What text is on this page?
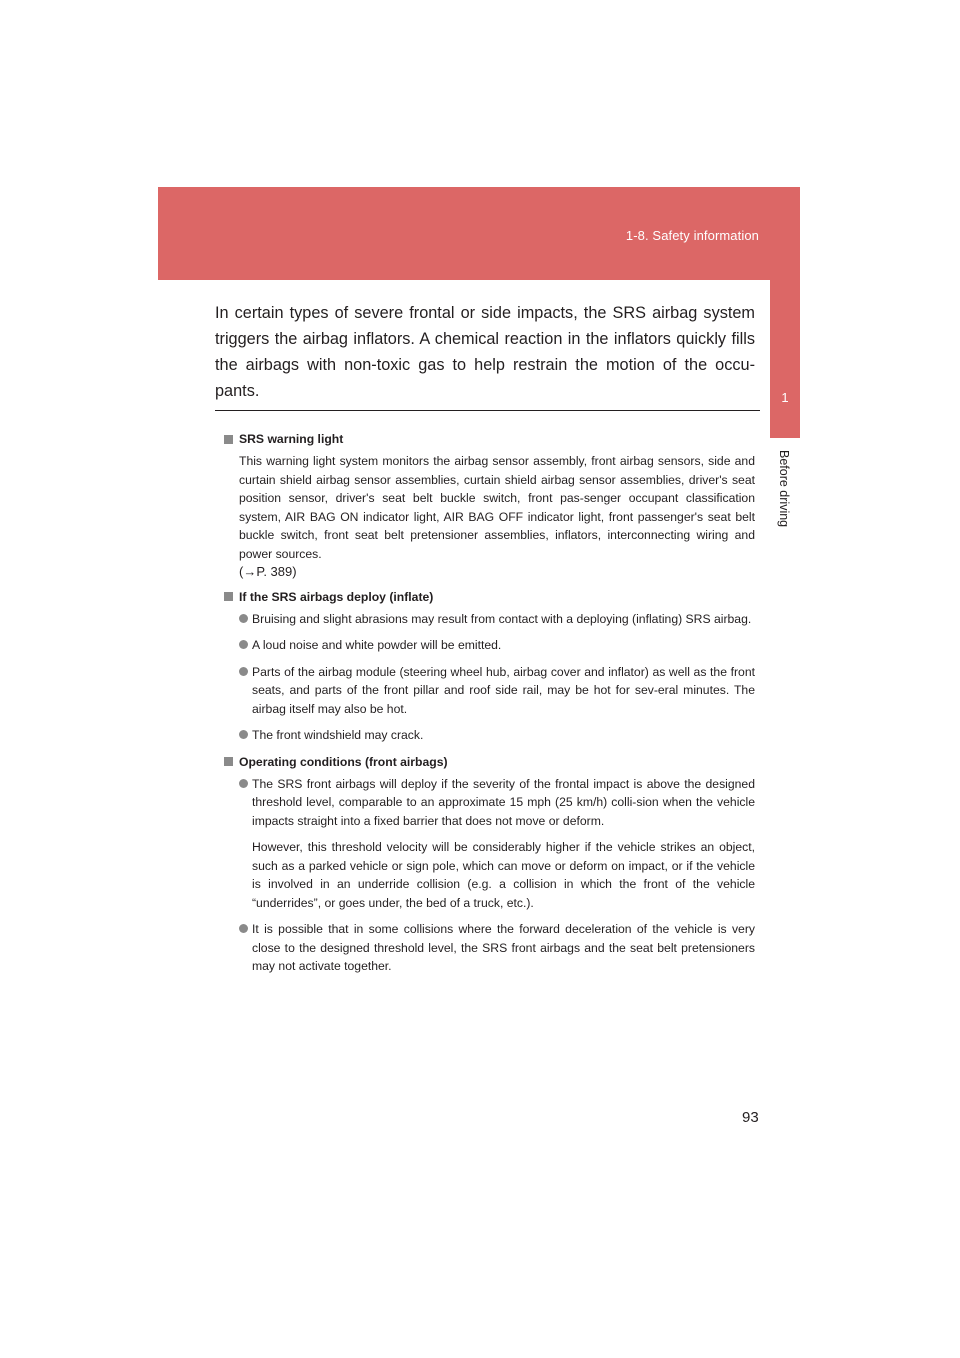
1-8. Safety information
1
Before driving
In certain types of severe frontal or side impacts, the SRS airbag system triggers the airbag inflators. A chemical reaction in the inflators quickly fills the airbags with non-toxic gas to help restrain the motion of the occu-pants.
SRS warning light
This warning light system monitors the airbag sensor assembly, front airbag sensors, side and curtain shield airbag sensor assemblies, curtain shield airbag sensor assemblies, driver's seat position sensor, driver's seat belt buckle switch, front pas-senger occupant classification system, AIR BAG ON indicator light, AIR BAG OFF indicator light, front passenger's seat belt buckle switch, front seat belt pretensioner assemblies, inflators, interconnecting wiring and power sources.
(→P. 389)
If the SRS airbags deploy (inflate)

Bruising and slight abrasions may result from contact with a deploying (inflating) SRS airbag.

A loud noise and white powder will be emitted.

Parts of the airbag module (steering wheel hub, airbag cover and inflator) as well as the front seats, and parts of the front pillar and roof side rail, may be hot for sev-eral minutes. The airbag itself may also be hot.

The front windshield may crack.

Operating conditions (front airbags)

The SRS front airbags will deploy if the severity of the frontal impact is above the designed threshold level, comparable to an approximate 15 mph (25 km/h) colli-sion when the vehicle impacts straight into a fixed barrier that does not move or deform.

However, this threshold velocity will be considerably higher if the vehicle strikes an object, such as a parked vehicle or sign pole, which can move or deform on impact, or if the vehicle is involved in an underride collision (e.g. a collision in which the front of the vehicle “underrides”, or goes under, the bed of a truck, etc.).

It is possible that in some collisions where the forward deceleration of the vehicle is very close to the designed threshold level, the SRS front airbags and the seat belt pretensioners may not activate together.

93
